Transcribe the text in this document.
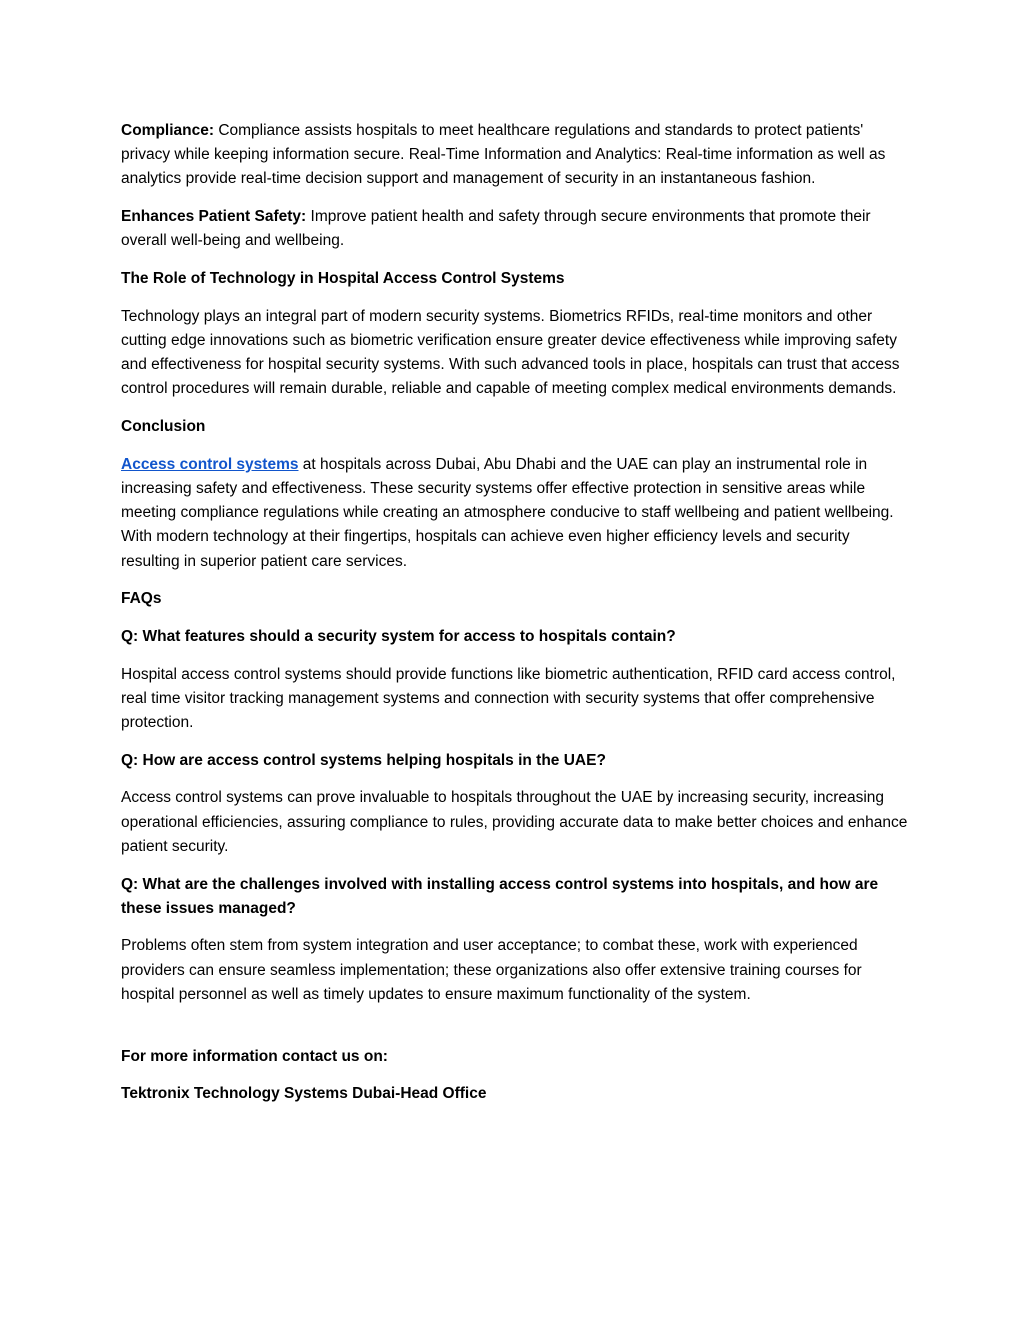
Compliance: Compliance assists hospitals to meet healthcare regulations and standards to protect patients' privacy while keeping information secure. Real-Time Information and Analytics: Real-time information as well as analytics provide real-time decision support and management of security in an instantaneous fashion.

Enhances Patient Safety: Improve patient health and safety through secure environments that promote their overall well-being and wellbeing.

The Role of Technology in Hospital Access Control Systems

Technology plays an integral part of modern security systems. Biometrics RFIDs, real-time monitors and other cutting edge innovations such as biometric verification ensure greater device effectiveness while improving safety and effectiveness for hospital security systems. With such advanced tools in place, hospitals can trust that access control procedures will remain durable, reliable and capable of meeting complex medical environments demands.

Conclusion

Access control systems at hospitals across Dubai, Abu Dhabi and the UAE can play an instrumental role in increasing safety and effectiveness. These security systems offer effective protection in sensitive areas while meeting compliance regulations while creating an atmosphere conducive to staff wellbeing and patient wellbeing. With modern technology at their fingertips, hospitals can achieve even higher efficiency levels and security resulting in superior patient care services.

FAQs

Q: What features should a security system for access to hospitals contain?

Hospital access control systems should provide functions like biometric authentication, RFID card access control, real time visitor tracking management systems and connection with security systems that offer comprehensive protection.

Q: How are access control systems helping hospitals in the UAE?

Access control systems can prove invaluable to hospitals throughout the UAE by increasing security, increasing operational efficiencies, assuring compliance to rules, providing accurate data to make better choices and enhance patient security.

Q: What are the challenges involved with installing access control systems into hospitals, and how are these issues managed?

Problems often stem from system integration and user acceptance; to combat these, work with experienced providers can ensure seamless implementation; these organizations also offer extensive training courses for hospital personnel as well as timely updates to ensure maximum functionality of the system.

For more information contact us on:

Tektronix Technology Systems Dubai-Head Office
